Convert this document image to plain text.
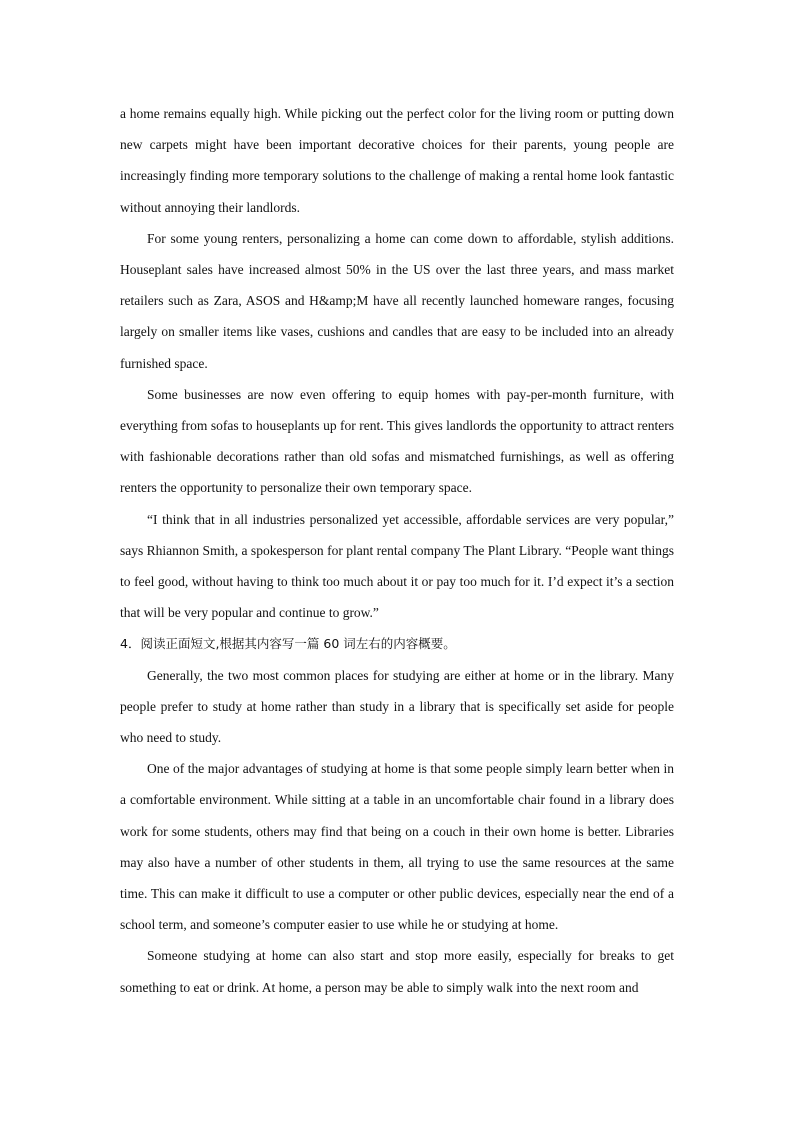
a home remains equally high. While picking out the perfect color for the living room or putting down new carpets might have been important decorative choices for their parents, young people are increasingly finding more temporary solutions to the challenge of making a rental home look fantastic without annoying their landlords.

For some young renters, personalizing a home can come down to affordable, stylish additions. Houseplant sales have increased almost 50% in the US over the last three years, and mass market retailers such as Zara, ASOS and H&amp;M have all recently launched homeware ranges, focusing largely on smaller items like vases, cushions and candles that are easy to be included into an already furnished space.

Some businesses are now even offering to equip homes with pay-per-month furniture, with everything from sofas to houseplants up for rent. This gives landlords the opportunity to attract renters with fashionable decorations rather than old sofas and mismatched furnishings, as well as offering renters the opportunity to personalize their own temporary space.

“I think that in all industries personalized yet accessible, affordable services are very popular,” says Rhiannon Smith, a spokesperson for plant rental company The Plant Library. “People want things to feel good, without having to think too much about it or pay too much for it. I’d expect it’s a section that will be very popular and continue to grow.”

4．阅读正面短文,根据其内容写一篇 60 词左右的内容概要。

Generally, the two most common places for studying are either at home or in the library. Many people prefer to study at home rather than study in a library that is specifically set aside for people who need to study.

One of the major advantages of studying at home is that some people simply learn better when in a comfortable environment. While sitting at a table in an uncomfortable chair found in a library does work for some students, others may find that being on a couch in their own home is better. Libraries may also have a number of other students in them, all trying to use the same resources at the same time. This can make it difficult to use a computer or other public devices, especially near the end of a school term, and someone’s computer easier to use while he or studying at home.

Someone studying at home can also start and stop more easily, especially for breaks to get something to eat or drink. At home, a person may be able to simply walk into the next room and
